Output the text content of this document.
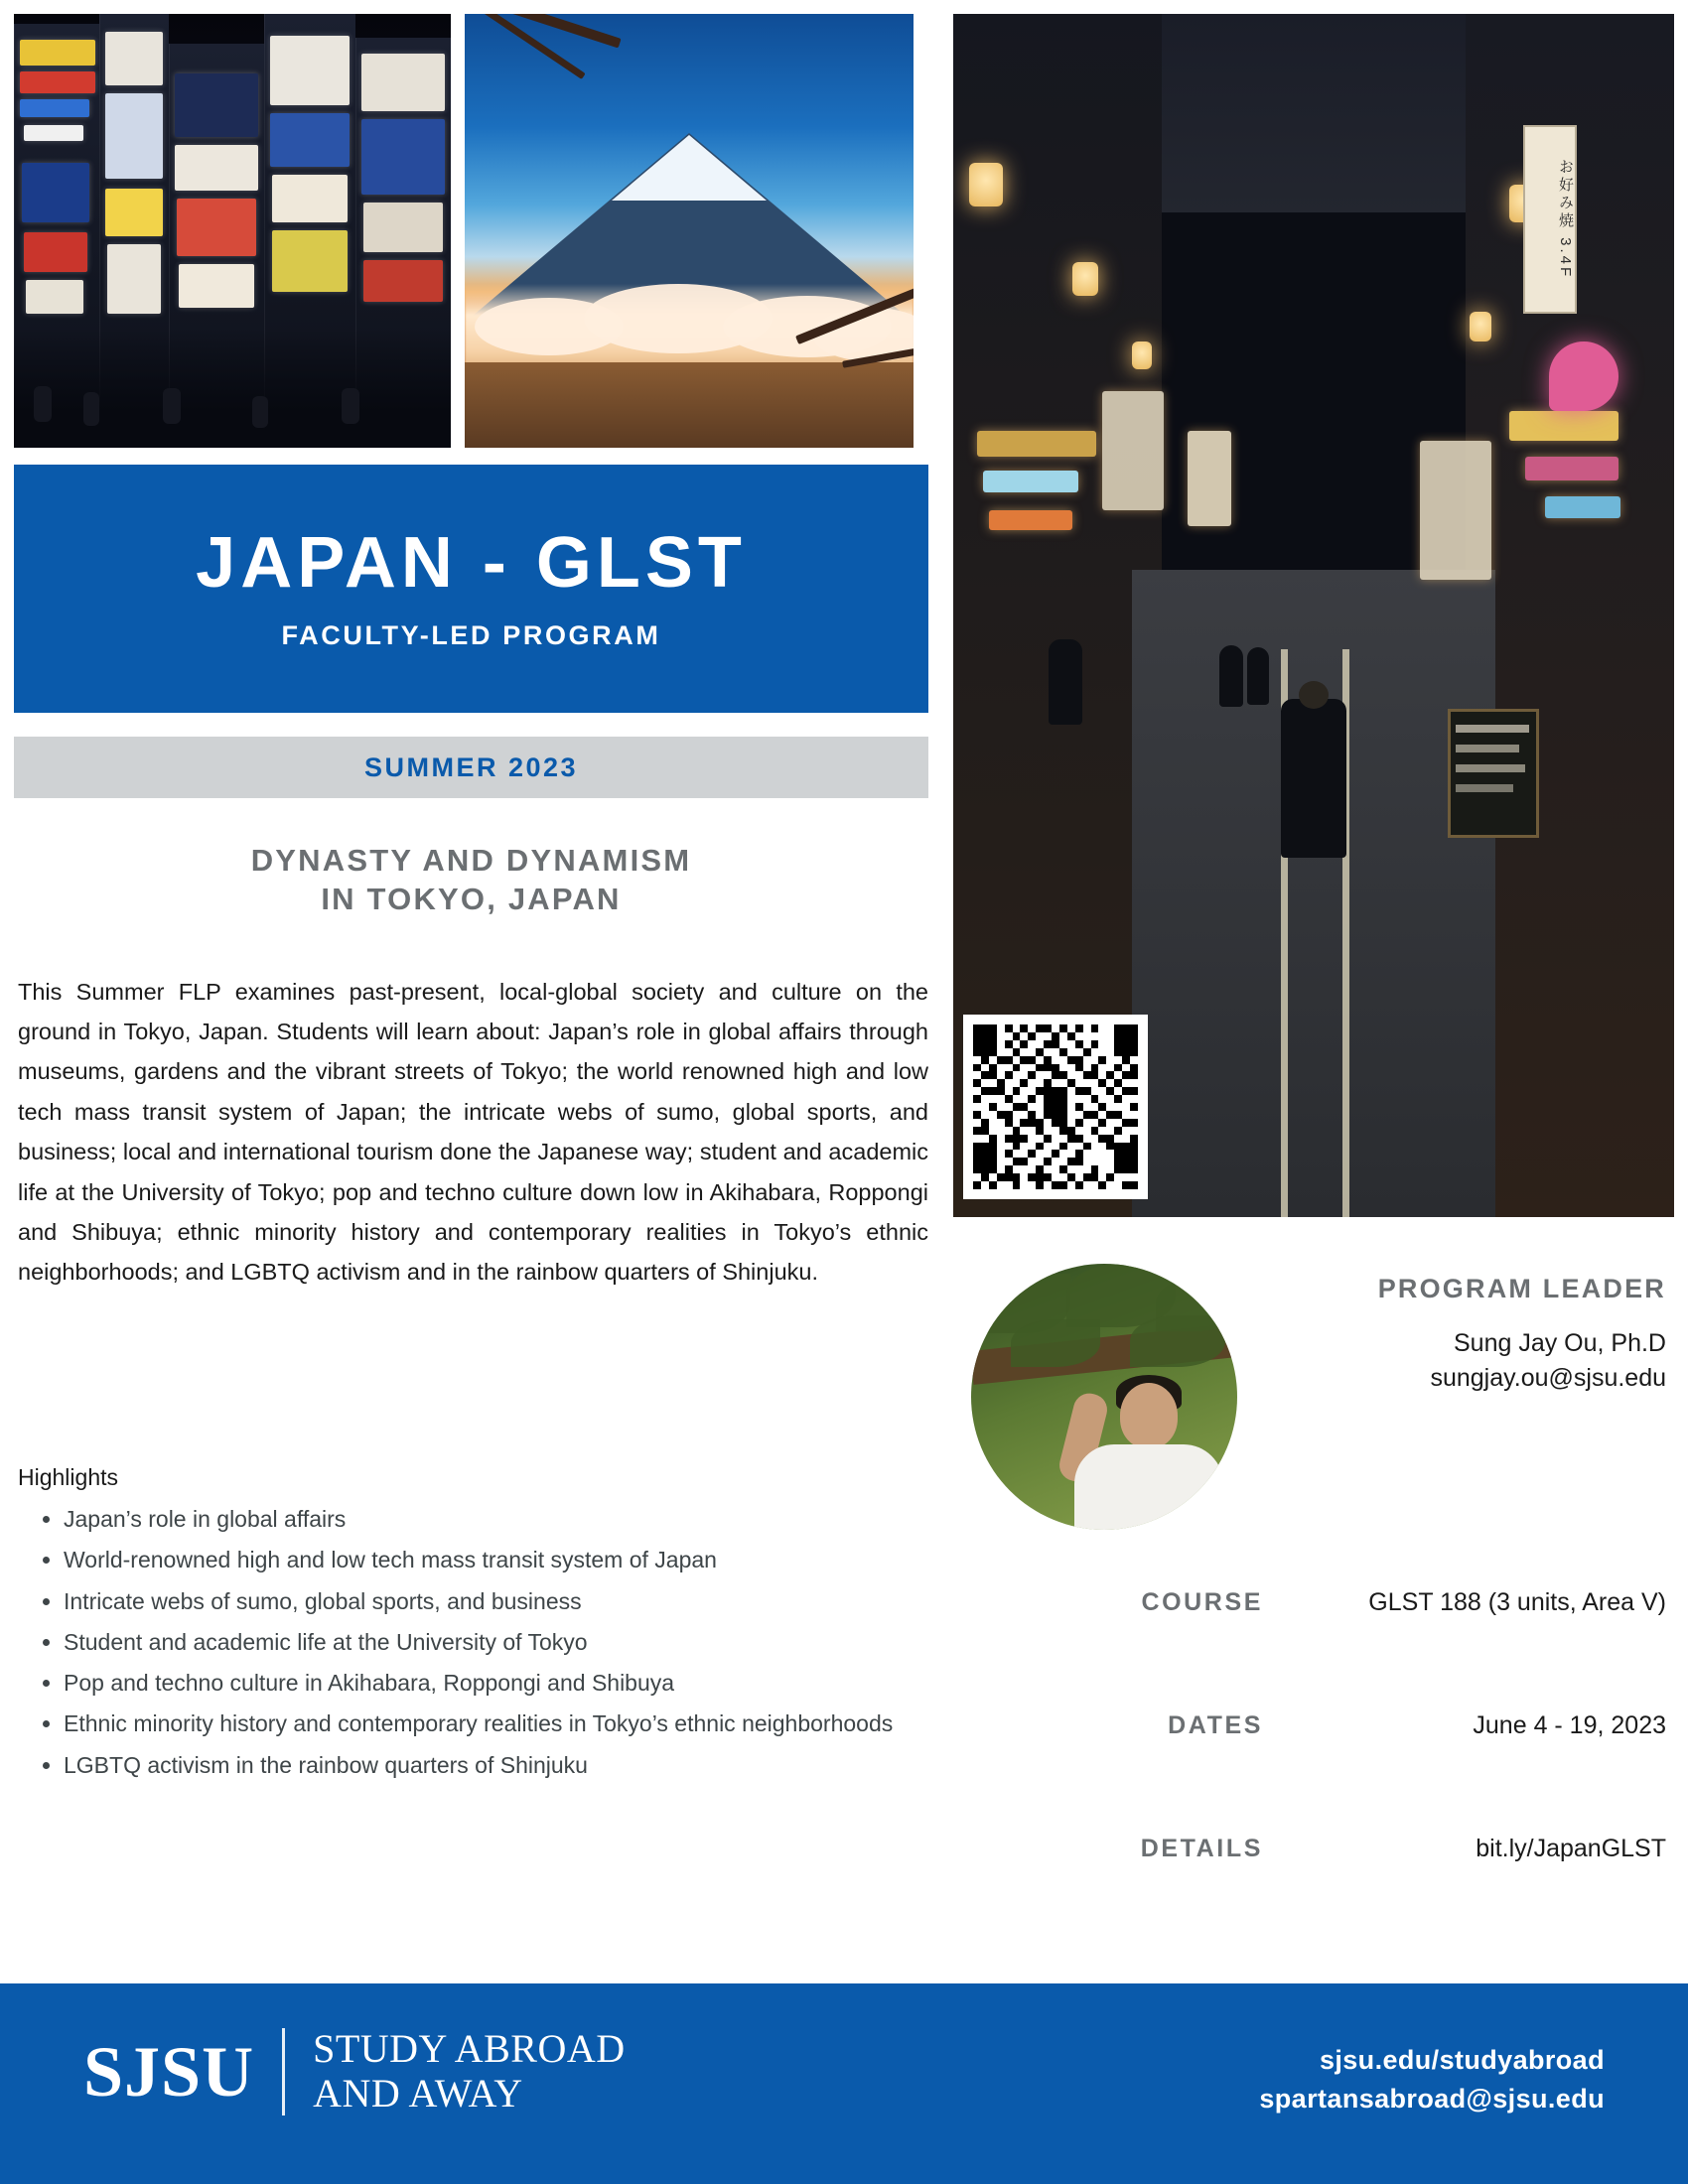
JAPAN - GLST
FACULTY-LED PROGRAM
SUMMER 2023
DYNASTY AND DYNAMISM
IN TOKYO, JAPAN

This Summer FLP examines past-present, local-global society and culture on the ground in Tokyo, Japan. Students will learn about: Japan’s role in global affairs through museums, gardens and the vibrant streets of Tokyo; the world renowned high and low tech mass transit system of Japan; the intricate webs of sumo, global sports, and business; local and international tourism done the Japanese way; student and academic life at the University of Tokyo; pop and techno culture down low in Akihabara, Roppongi and Shibuya; ethnic minority history and contemporary realities in Tokyo’s ethnic neighborhoods; and LGBTQ activism and in the rainbow quarters of Shinjuku.

Highlights
• Japan’s role in global affairs
• World-renowned high and low tech mass transit system of Japan
• Intricate webs of sumo, global sports, and business
• Student and academic life at the University of Tokyo
• Pop and techno culture in Akihabara, Roppongi and Shibuya
• Ethnic minority history and contemporary realities in Tokyo’s ethnic neighborhoods
• LGBTQ activism in the rainbow quarters of Shinjuku
お好み焼 3.4F
PROGRAM LEADER
Sung Jay Ou, Ph.D
sungjay.ou@sjsu.edu
COURSE	GLST 188 (3 units, Area V)
DATES	June 4 - 19, 2023
DETAILS	bit.ly/JapanGLST
SJSU STUDY ABROAD
AND AWAY
sjsu.edu/studyabroad
spartansabroad@sjsu.edu
